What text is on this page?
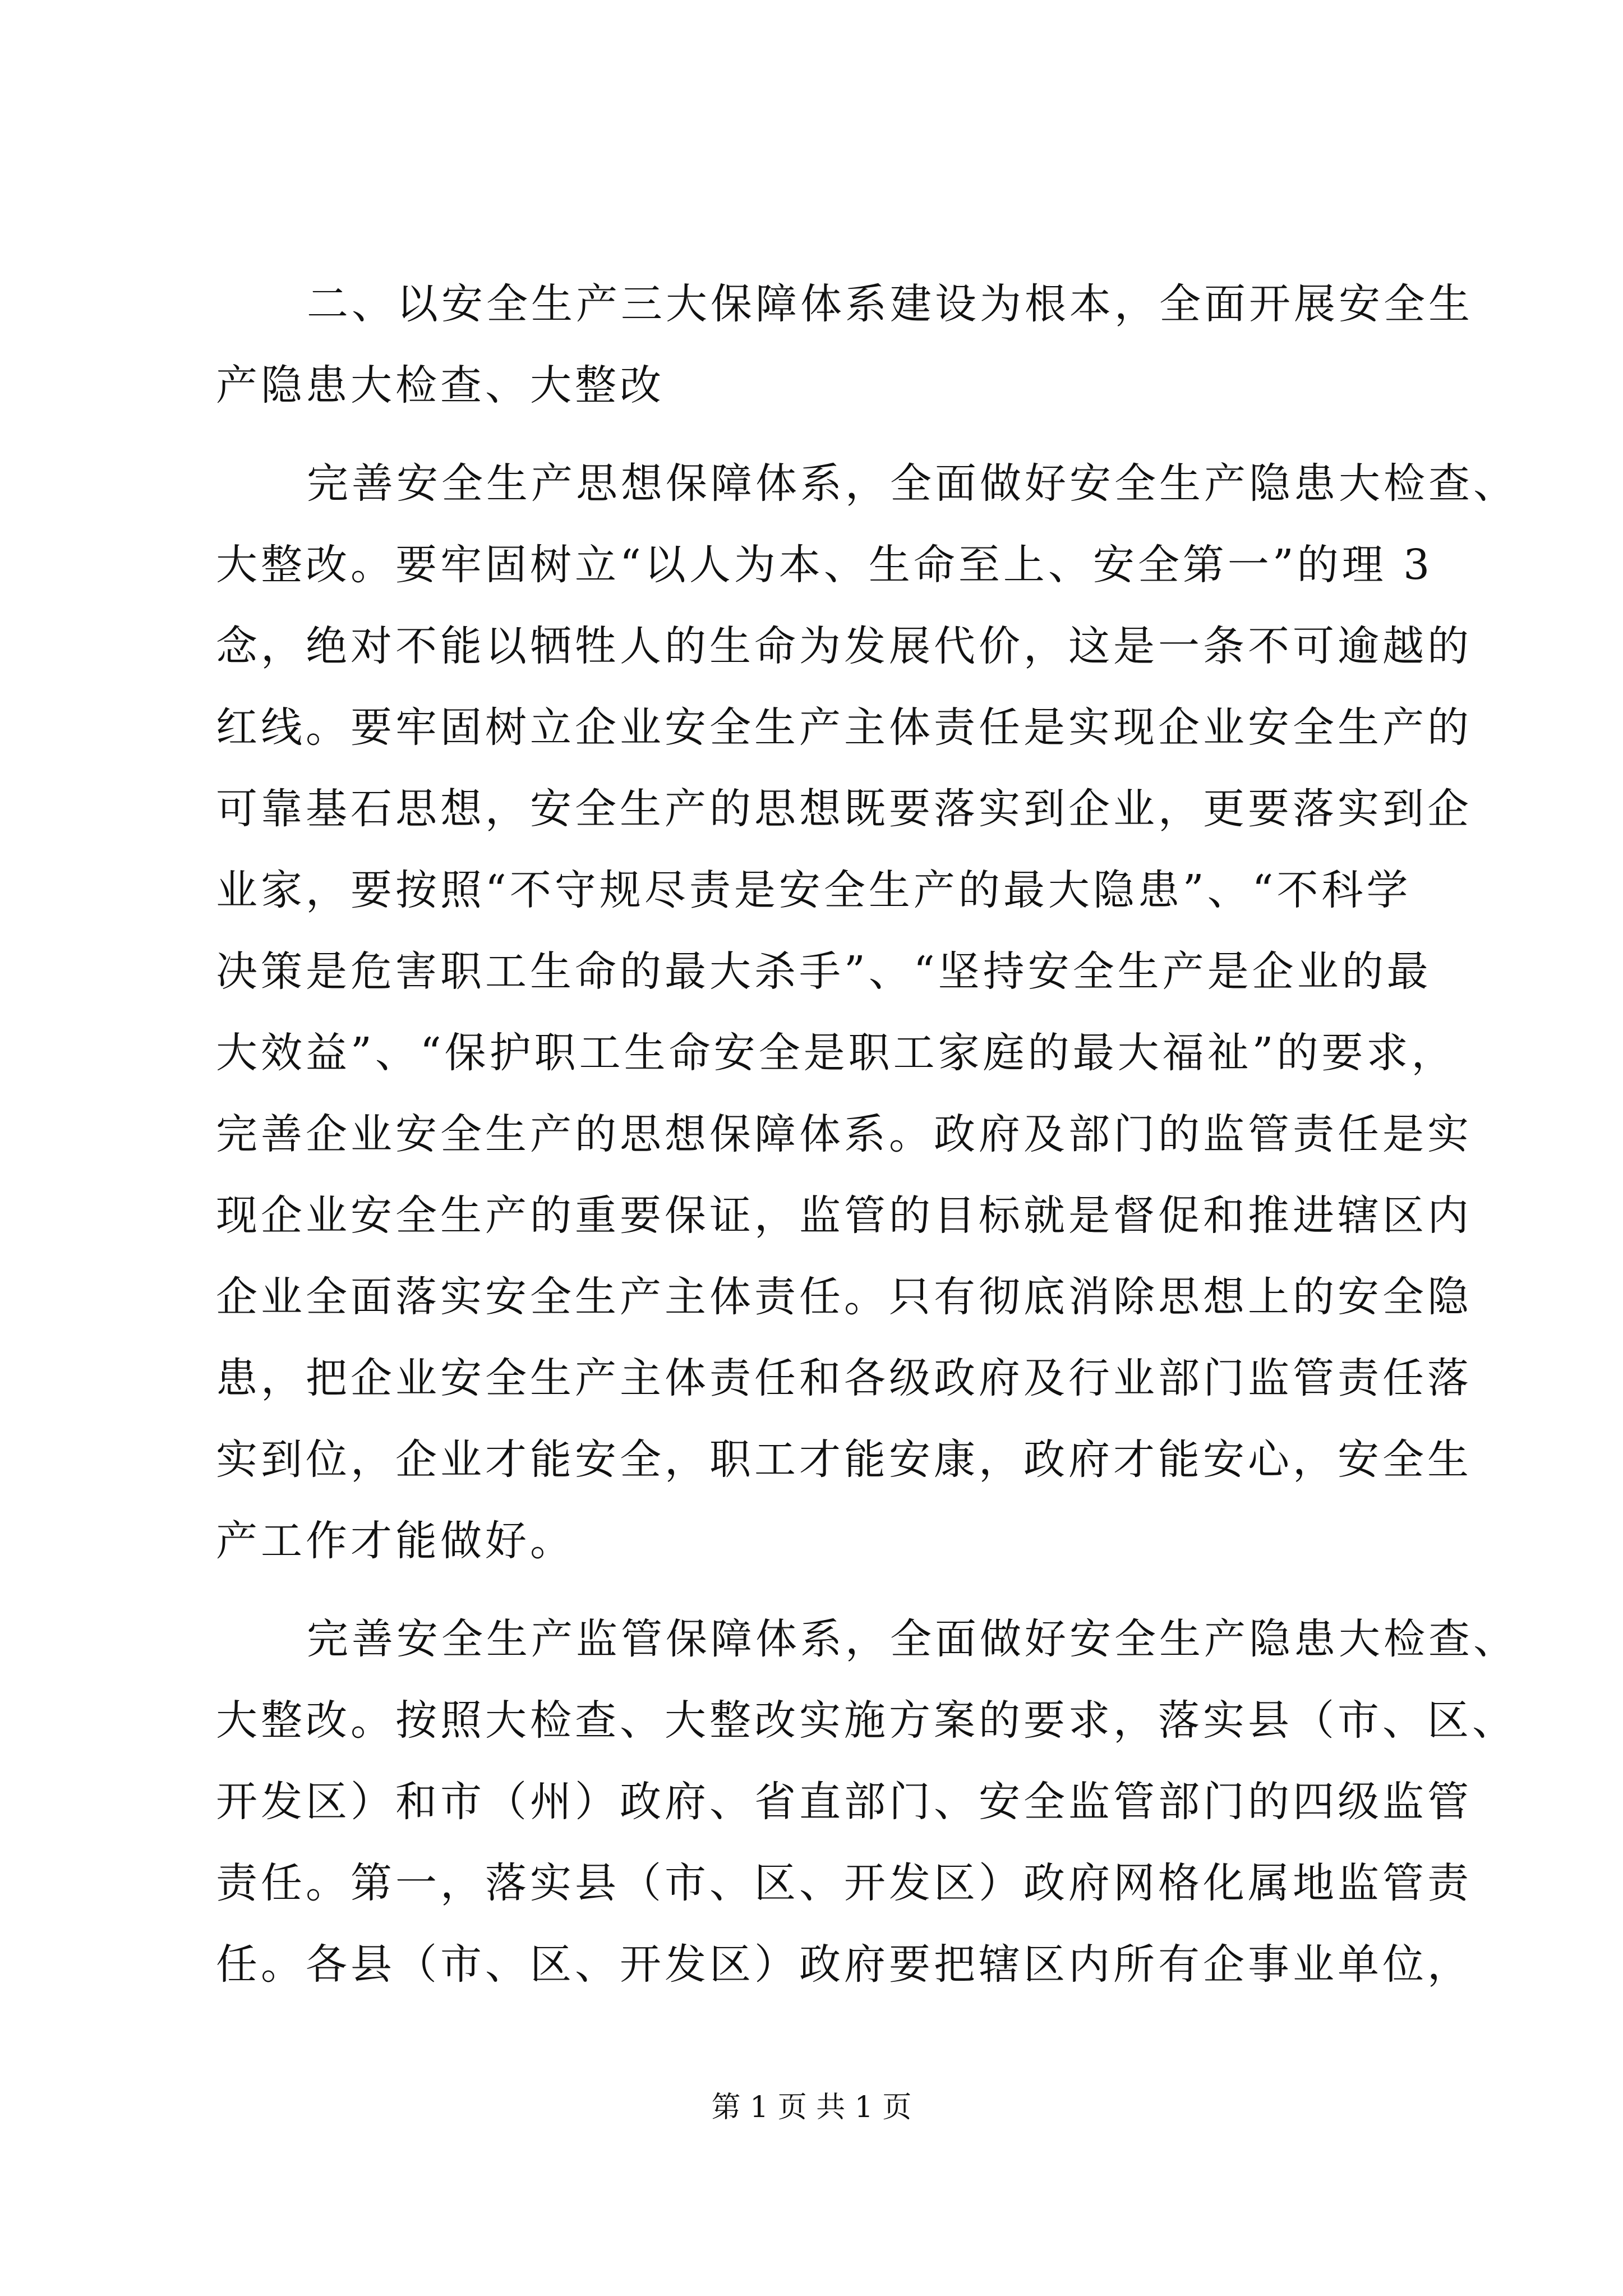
二、以安全生产三大保障体系建设为根本，全面开展安全生
产隐患大检查、大整改
完善安全生产思想保障体系，全面做好安全生产隐患大检查、
大整改。要牢固树立“以人为本、生命至上、安全第一”的理 3
念，绝对不能以牺牲人的生命为发展代价，这是一条不可逾越的
红线。要牢固树立企业安全生产主体责任是实现企业安全生产的
可靠基石思想，安全生产的思想既要落实到企业，更要落实到企
业家，要按照“不守规尽责是安全生产的最大隐患”、“不科学
决策是危害职工生命的最大杀手”、“坚持安全生产是企业的最
大效益”、“保护职工生命安全是职工家庭的最大福祉”的要求，
完善企业安全生产的思想保障体系。政府及部门的监管责任是实
现企业安全生产的重要保证，监管的目标就是督促和推进辖区内
企业全面落实安全生产主体责任。只有彻底消除思想上的安全隐
患，把企业安全生产主体责任和各级政府及行业部门监管责任落
实到位，企业才能安全，职工才能安康，政府才能安心，安全生
产工作才能做好。
完善安全生产监管保障体系，全面做好安全生产隐患大检查、
大整改。按照大检查、大整改实施方案的要求，落实县（市、区、
开发区）和市（州）政府、省直部门、安全监管部门的四级监管
责任。第一，落实县（市、区、开发区）政府网格化属地监管责
任。各县（市、区、开发区）政府要把辖区内所有企事业单位，
第 1 页 共 1 页
